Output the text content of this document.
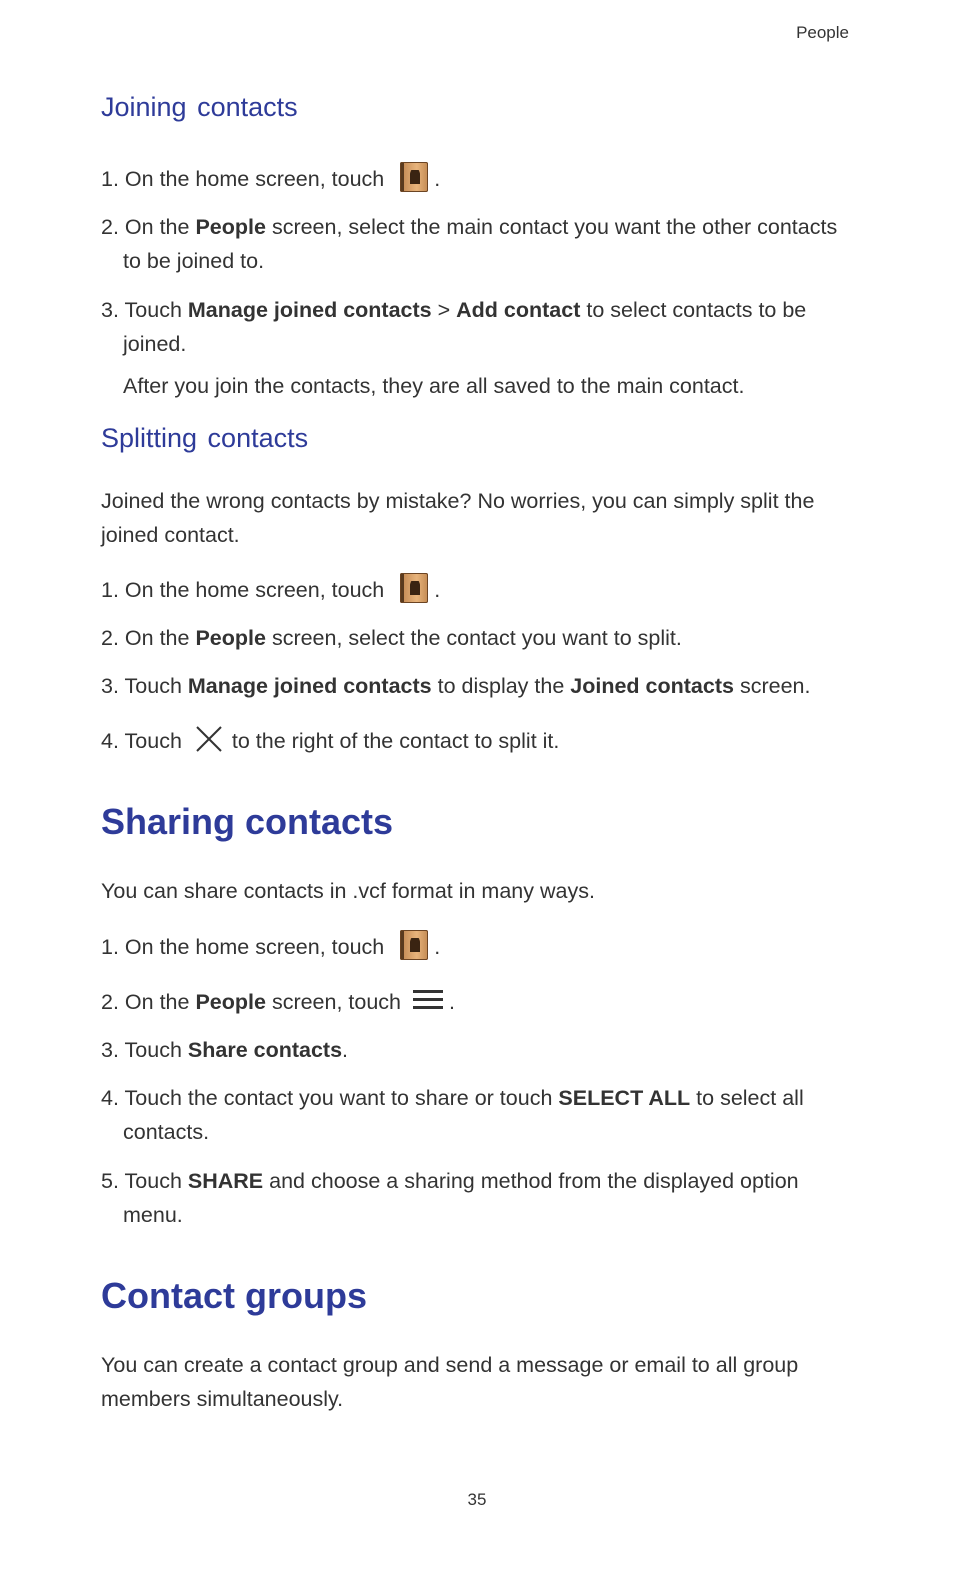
People
Joining contacts

1. On the home screen, touch .

2. On the People screen, select the main contact you want the other contacts to be joined to.

3. Touch Manage joined contacts > Add contact to select contacts to be joined.

After you join the contacts, they are all saved to the main contact.

Splitting contacts

Joined the wrong contacts by mistake? No worries, you can simply split the joined contact.

1. On the home screen, touch .

2. On the People screen, select the contact you want to split.

3. Touch Manage joined contacts to display the Joined contacts screen.

4. Touch to the right of the contact to split it.

Sharing contacts

You can share contacts in .vcf format in many ways.

1. On the home screen, touch .

2. On the People screen, touch .

3. Touch Share contacts.

4. Touch the contact you want to share or touch SELECT ALL to select all contacts.

5. Touch SHARE and choose a sharing method from the displayed option menu.

Contact groups

You can create a contact group and send a message or email to all group members simultaneously.

35
